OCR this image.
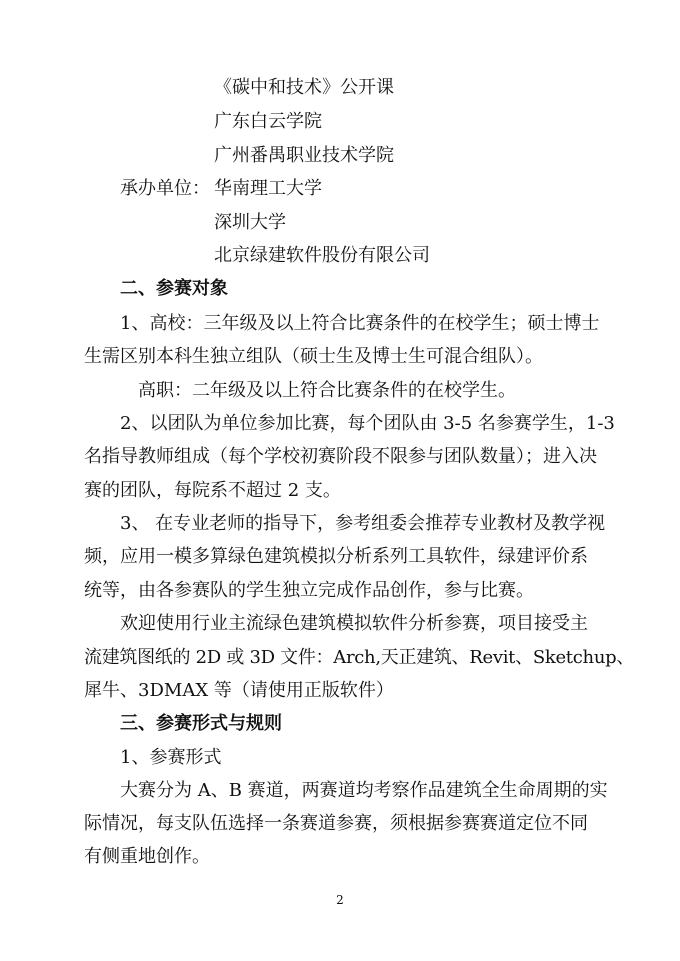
《碳中和技术》公开课
广东白云学院
广州番禺职业技术学院
承办单位： 华南理工大学
深圳大学
北京绿建软件股份有限公司
二、参赛对象
1、高校：三年级及以上符合比赛条件的在校学生；硕士博士
生需区别本科生独立组队（硕士生及博士生可混合组队）。
高职：二年级及以上符合比赛条件的在校学生。
2、以团队为单位参加比赛，每个团队由 3-5 名参赛学生，1-3
名指导教师组成（每个学校初赛阶段不限参与团队数量）；进入决
赛的团队，每院系不超过 2 支。
3、 在专业老师的指导下，参考组委会推荐专业教材及教学视
频，应用一模多算绿色建筑模拟分析系列工具软件，绿建评价系
统等，由各参赛队的学生独立完成作品创作，参与比赛。
欢迎使用行业主流绿色建筑模拟软件分析参赛，项目接受主
流建筑图纸的 2D 或 3D 文件：Arch,天正建筑、Revit、Sketchup、
犀牛、3DMAX 等（请使用正版软件）
三、参赛形式与规则
1、参赛形式
大赛分为 A、B 赛道，两赛道均考察作品建筑全生命周期的实
际情况，每支队伍选择一条赛道参赛，须根据参赛赛道定位不同
有侧重地创作。
2
